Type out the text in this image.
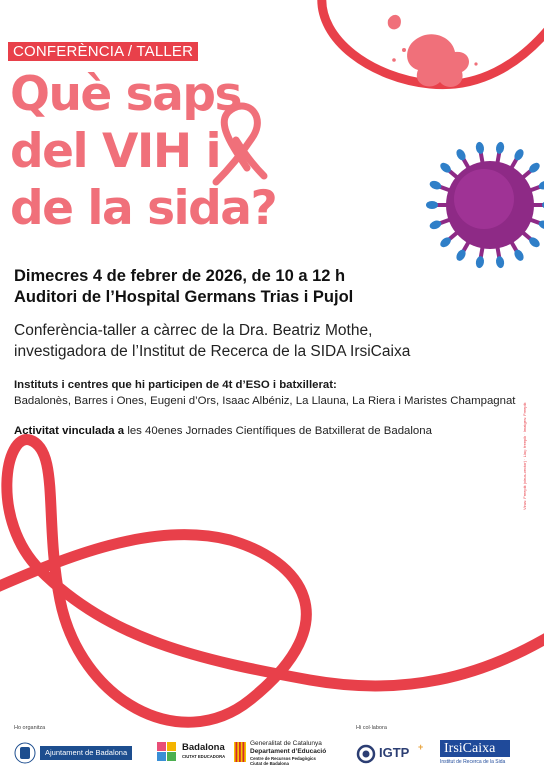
CONFERÈNCIA / TALLER
Què saps
del VIH i
de la sida?
Dimecres 4 de febrer de 2026, de 10 a 12 h
Auditori de l’Hospital Germans Trias i Pujol
Conferència-taller a càrrec de la Dra. Beatriz Mothe,
investigadora de l’Institut de Recerca de la SIDA IrsiCaixa
Instituts i centres que hi participen de 4t d’ESO i batxillerat:
Badalonès, Barres i Ones, Eugeni d’Ors, Isaac Albéniz, La Llauna, La Riera i Maristes Champagnat
Activitat vinculada a les 40enes Jornades Científiques de Batxillerat de Badalona	Virus: Freepik (virus-vector) · Llaç: freepik · Imatges: Freepik
Ho organitza	Hi col·labora
Ajuntament de Badalona	Badalona
CIUTAT EDUCADORA
Generalitat de Catalunya
Departament d’Educació
Centre de Recursos Pedagògics
Ciutat de Badalona
IGTP + IrsiCaixa
Institut de Recerca de la Sida
